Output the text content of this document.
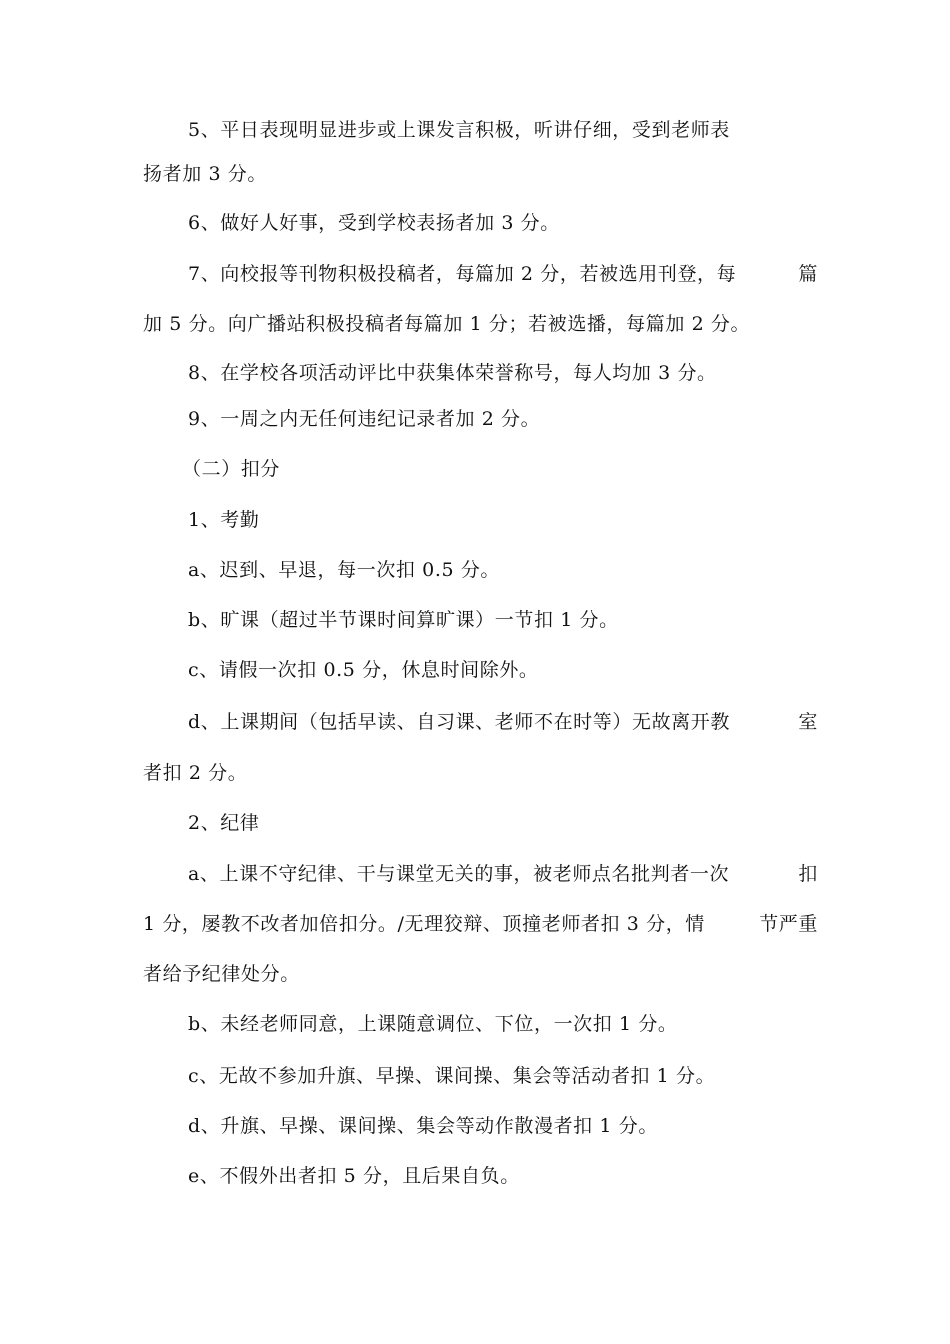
5、平日表现明显进步或上课发言积极，听讲仔细，受到老师表
扬者加 3 分。
6、做好人好事，受到学校表扬者加 3 分。
7、向校报等刊物积极投稿者，每篇加 2 分，若被选用刊登，每	篇
加 5 分。向广播站积极投稿者每篇加 1 分；若被选播，每篇加 2 分。
8、在学校各项活动评比中获集体荣誉称号，每人均加 3 分。
9、一周之内无任何违纪记录者加 2 分。
（二）扣分
1、考勤
a、迟到、早退，每一次扣 0.5 分。
b、旷课（超过半节课时间算旷课）一节扣 1 分。
c、请假一次扣 0.5 分，休息时间除外。
d、上课期间（包括早读、自习课、老师不在时等）无故离开教	室
者扣 2 分。
2、纪律
a、上课不守纪律、干与课堂无关的事，被老师点名批判者一次	扣
1 分，屡教不改者加倍扣分。/无理狡辩、顶撞老师者扣 3 分，情	节严重
者给予纪律处分。
b、未经老师同意，上课随意调位、下位，一次扣 1 分。
c、无故不参加升旗、早操、课间操、集会等活动者扣 1 分。
d、升旗、早操、课间操、集会等动作散漫者扣 1 分。
e、不假外出者扣 5 分，且后果自负。
